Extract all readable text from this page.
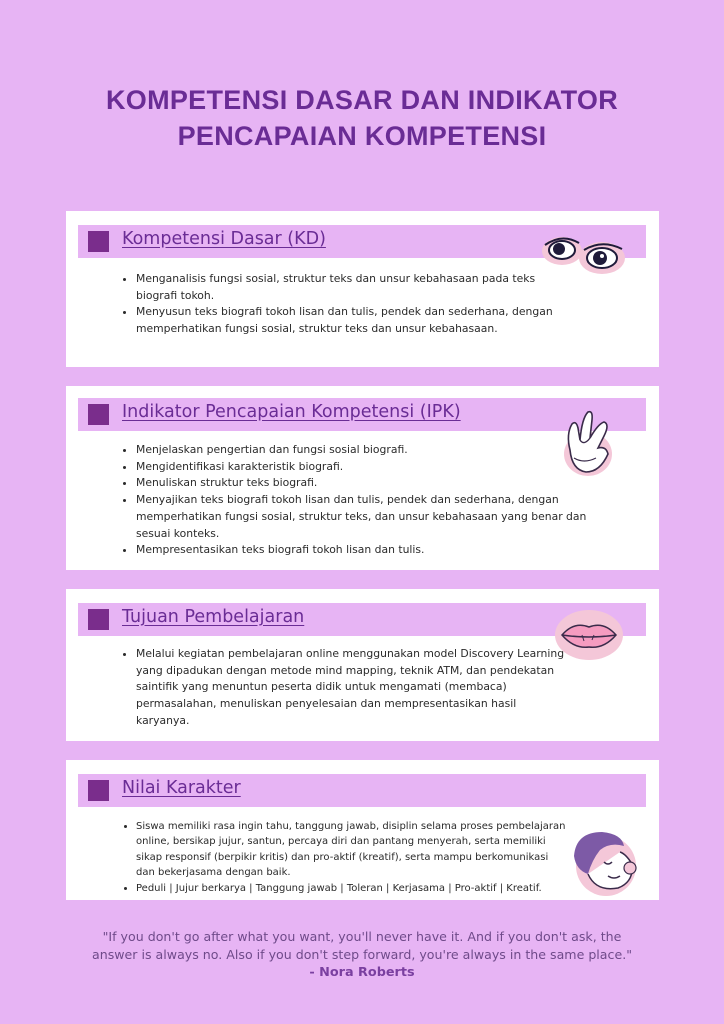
KOMPETENSI DASAR DAN INDIKATOR
PENCAPAIAN KOMPETENSI
Kompetensi Dasar (KD)
• Menganalisis fungsi sosial, struktur teks dan unsur kebahasaan pada teks biografi tokoh.
• Menyusun teks biografi tokoh lisan dan tulis, pendek dan sederhana, dengan memperhatikan fungsi sosial, struktur teks dan unsur kebahasaan.
Indikator Pencapaian Kompetensi (IPK)
• Menjelaskan pengertian dan fungsi sosial biografi.
• Mengidentifikasi karakteristik biografi.
• Menuliskan struktur teks biografi.
• Menyajikan teks biografi tokoh lisan dan tulis, pendek dan sederhana, dengan memperhatikan fungsi sosial, struktur teks, dan unsur kebahasaan yang benar dan sesuai konteks.
• Mempresentasikan teks biografi tokoh lisan dan tulis.
Tujuan Pembelajaran
• Melalui kegiatan pembelajaran online menggunakan model Discovery Learning yang dipadukan dengan metode mind mapping, teknik ATM, dan pendekatan saintifik yang menuntun peserta didik untuk mengamati (membaca) permasalahan, menuliskan penyelesaian dan mempresentasikan hasil karyanya.
Nilai Karakter
• Siswa memiliki rasa ingin tahu, tanggung jawab, disiplin selama proses pembelajaran online, bersikap jujur, santun, percaya diri dan pantang menyerah, serta memiliki sikap responsif (berpikir kritis) dan pro-aktif (kreatif), serta mampu berkomunikasi dan bekerjasama dengan baik.
• Peduli | Jujur berkarya | Tanggung jawab | Toleran | Kerjasama | Pro-aktif | Kreatif.
"If you don't go after what you want, you'll never have it. And if you don't ask, the
answer is always no. Also if you don't step forward, you're always in the same place."
- Nora Roberts
